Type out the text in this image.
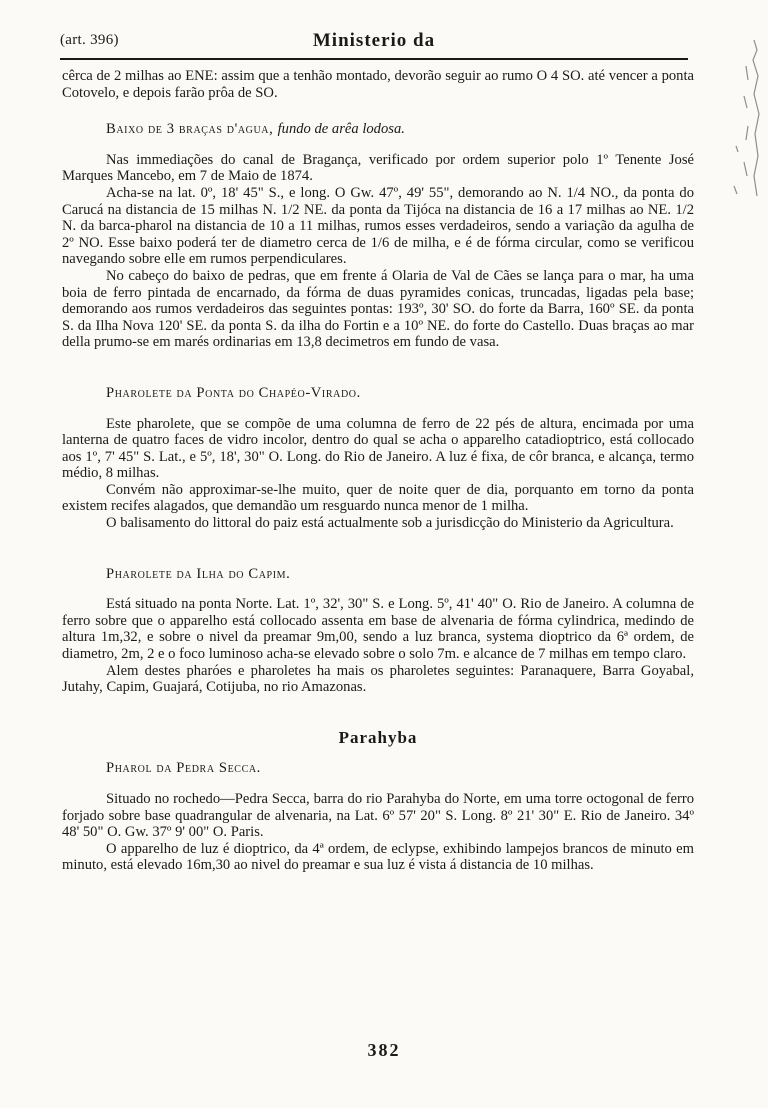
(art. 396)	Ministerio da

cêrca de 2 milhas ao ENE: assim que a tenhão montado, devorão seguir ao rumo O 4 SO. até vencer a ponta Cotovelo, e depois farão prôa de SO.

Baixo de 3 braças d'agua, fundo de arêa lodosa.

Nas immediações do canal de Bragança, verificado por ordem superior polo 1º Tenente José Marques Mancebo, em 7 de Maio de 1874.

Acha-se na lat. 0º, 18' 45" S., e long. O Gw. 47º, 49' 55", demorando ao N. 1/4 NO., da ponta do Carucá na distancia de 15 milhas N. 1/2 NE. da ponta da Tijóca na distancia de 16 a 17 milhas ao NE. 1/2 N. da barca-pharol na distancia de 10 a 11 milhas, rumos esses verdadeiros, sendo a variação da agulha de 2º NO. Esse baixo poderá ter de diametro cerca de 1/6 de milha, e é de fórma circular, como se verificou navegando sobre elle em rumos perpendiculares.

No cabeço do baixo de pedras, que em frente á Olaria de Val de Cães se lança para o mar, ha uma boia de ferro pintada de encarnado, da fórma de duas pyramides conicas, truncadas, ligadas pela base; demorando aos rumos verdadeiros das seguintes pontas: 193º, 30' SO. do forte da Barra, 160º SE. da ponta S. da Ilha Nova 120' SE. da ponta S. da ilha do Fortin e a 10º NE. do forte do Castello. Duas braças ao mar della prumo-se em marés ordinarias em 13,8 decimetros em fundo de vasa.

Pharolete da Ponta do Chapéo-Virado.

Este pharolete, que se compõe de uma columna de ferro de 22 pés de altura, encimada por uma lanterna de quatro faces de vidro incolor, dentro do qual se acha o apparelho catadioptrico, está collocado aos 1º, 7' 45" S. Lat., e 5º, 18', 30" O. Long. do Rio de Janeiro. A luz é fixa, de côr branca, e alcança, termo médio, 8 milhas.

Convém não approximar-se-lhe muito, quer de noite quer de dia, porquanto em torno da ponta existem recifes alagados, que demandão um resguardo nunca menor de 1 milha.

O balisamento do littoral do paiz está actualmente sob a jurisdicção do Ministerio da Agricultura.

Pharolete da Ilha do Capim.

Está situado na ponta Norte. Lat. 1º, 32', 30" S. e Long. 5º, 41' 40" O. Rio de Janeiro. A columna de ferro sobre que o apparelho está collocado assenta em base de alvenaria de fórma cylindrica, medindo de altura 1m,32, e sobre o nivel da preamar 9m,00, sendo a luz branca, systema dioptrico da 6ª ordem, de diametro, 2m, 2 e o foco luminoso acha-se elevado sobre o solo 7m. e alcance de 7 milhas em tempo claro.

Alem destes pharóes e pharoletes ha mais os pharoletes seguintes: Paranaquere, Barra Goyabal, Jutahy, Capim, Guajará, Cotijuba, no rio Amazonas.

Parahyba

Pharol da Pedra Secca.

Situado no rochedo—Pedra Secca, barra do rio Parahyba do Norte, em uma torre octogonal de ferro forjado sobre base quadrangular de alvenaria, na Lat. 6º 57' 20" S. Long. 8º 21' 30" E. Rio de Janeiro. 34º 48' 50" O. Gw. 37º 9' 00" O. Paris.

O apparelho de luz é dioptrico, da 4ª ordem, de eclypse, exhibindo lampejos brancos de minuto em minuto, está elevado 16m,30 ao nivel do preamar e sua luz é vista á distancia de 10 milhas.

382
